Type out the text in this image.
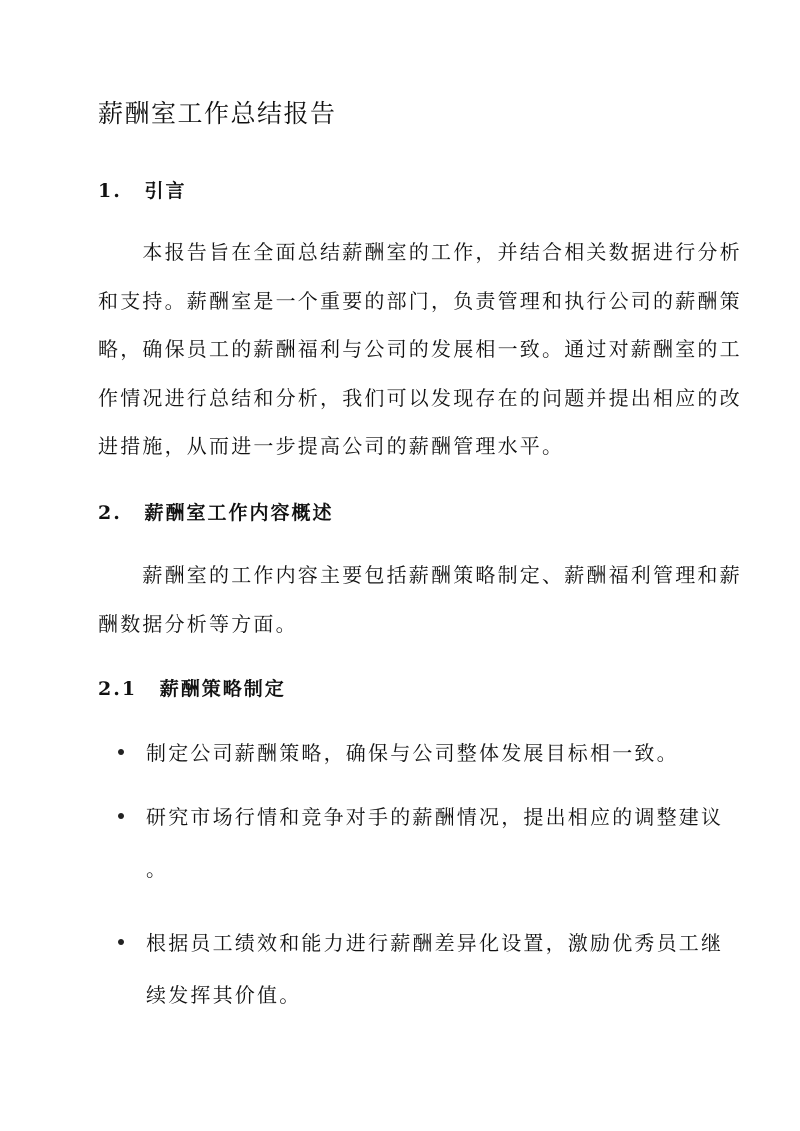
薪酬室工作总结报告
1. 引言
　　本报告旨在全面总结薪酬室的工作，并结合相关数据进行分析
和支持。薪酬室是一个重要的部门，负责管理和执行公司的薪酬策
略，确保员工的薪酬福利与公司的发展相一致。通过对薪酬室的工
作情况进行总结和分析，我们可以发现存在的问题并提出相应的改
进措施，从而进一步提高公司的薪酬管理水平。
2. 薪酬室工作内容概述
　　薪酬室的工作内容主要包括薪酬策略制定、薪酬福利管理和薪
酬数据分析等方面。
2.1 薪酬策略制定
制定公司薪酬策略，确保与公司整体发展目标相一致。
研究市场行情和竞争对手的薪酬情况，提出相应的调整建议
。
根据员工绩效和能力进行薪酬差异化设置，激励优秀员工继
续发挥其价值。
